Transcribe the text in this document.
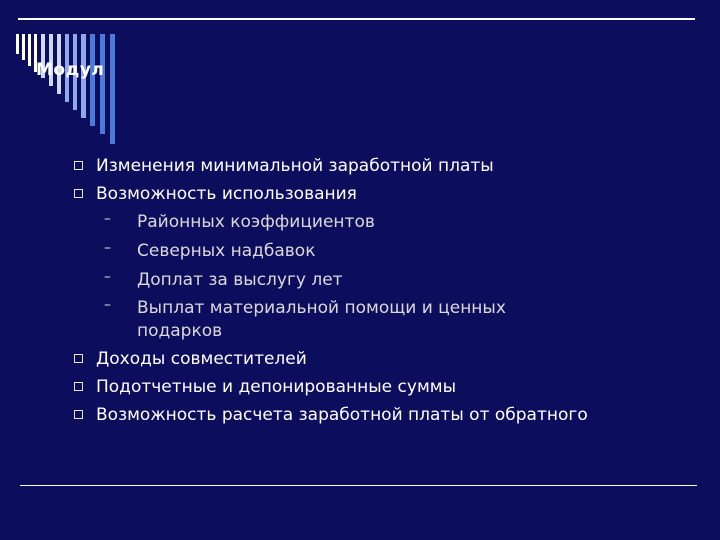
Модул
Изменения минимальной заработной платы
Возможность использования
– Районных коэффициентов
– Северных надбавок
– Доплат за выслугу лет
– Выплат материальной помощи и ценных
подарков
Доходы совместителей
Подотчетные и депонированные суммы
Возможность расчета заработной платы от обратного
